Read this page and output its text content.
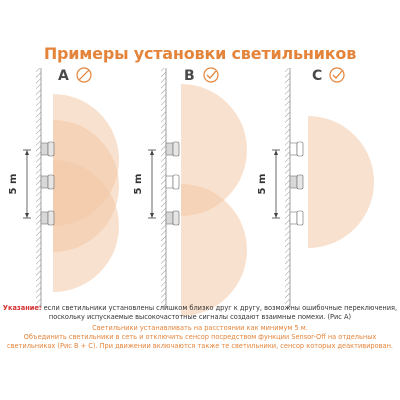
Примеры установки светильников
5 m
A
5 m
B
5 m
C
Указание: если светильники установлены слишком близко друг к другу, возможны ошибочные переключения,
поскольку испускаемые высокочастотные сигналы создают взаимные помехи. (Рис A)
Светильники устанавливать на расстоянии как минимум 5 м.
Объединить светильники в сеть и отключить сенсор посредством функции Sensor-Off на отдельных
светильниках (Рис B + C). При движении включаются также те светильники, сенсор которых деактивирован.
